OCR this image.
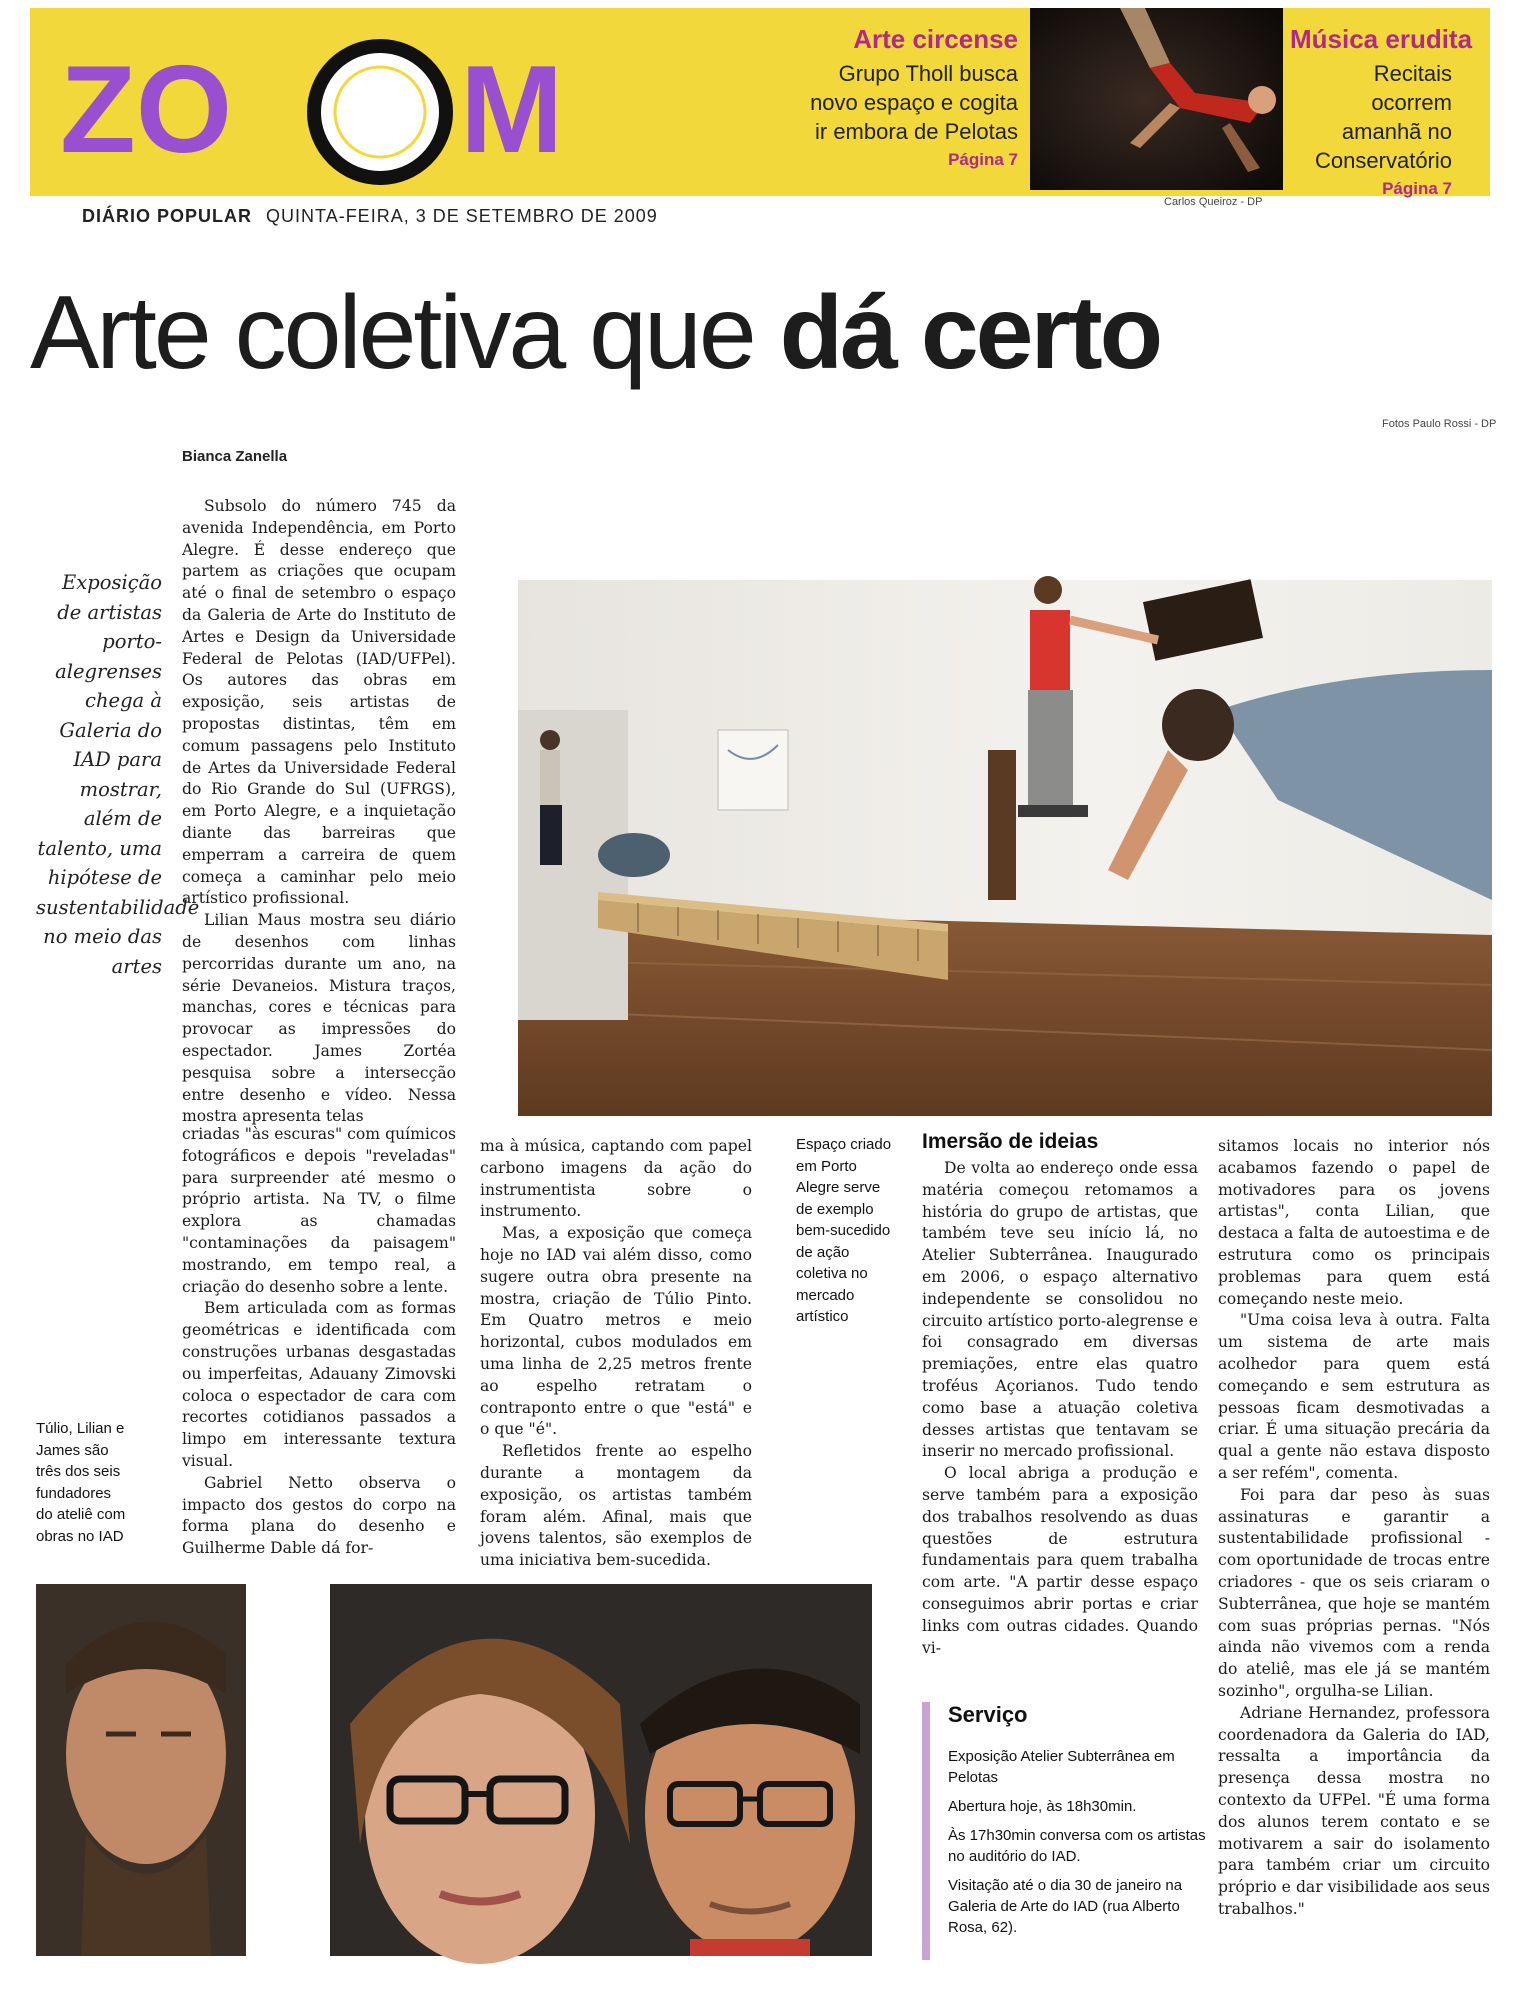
ZO M
Arte circense
Grupo Tholl busca
novo espaço e cogita
ir embora de Pelotas
Página 7
Carlos Queiroz - DP
Música erudita
Recitais ocorrem
amanhã no
Conservatório
Página 7
DIÁRIO POPULAR QUINTA-FEIRA, 3 DE SETEMBRO DE 2009
Arte coletiva que dá certo
Fotos Paulo Rossi - DP
Bianca Zanella
Exposição de artistas porto-alegrenses chega à Galeria do IAD para mostrar, além de talento, uma hipótese de sustentabilidade no meio das artes

Subsolo do número 745 da avenida Independência, em Porto Alegre. É desse endereço que partem as criações que ocupam até o final de setembro o espaço da Galeria de Arte do Instituto de Artes e Design da Universidade Federal de Pelotas (IAD/UFPel). Os autores das obras em exposição, seis artistas de propostas distintas, têm em comum passagens pelo Instituto de Artes da Universidade Federal do Rio Grande do Sul (UFRGS), em Porto Alegre, e a inquietação diante das barreiras que emperram a carreira de quem começa a caminhar pelo meio artístico profissional.

Lilian Maus mostra seu diário de desenhos com linhas percorridas durante um ano, na série Devaneios. Mistura traços, manchas, cores e técnicas para provocar as impressões do espectador. James Zortéa pesquisa sobre a intersecção entre desenho e vídeo. Nessa mostra apresenta telas

criadas "às escuras" com químicos fotográficos e depois "reveladas" para surpreender até mesmo o próprio artista. Na TV, o filme explora as chamadas "contaminações da paisagem" mostrando, em tempo real, a criação do desenho sobre a lente.

Bem articulada com as formas geométricas e identificada com construções urbanas desgastadas ou imperfeitas, Adauany Zimovski coloca o espectador de cara com recortes cotidianos passados a limpo em interessante textura visual.

Gabriel Netto observa o impacto dos gestos do corpo na forma plana do desenho e Guilherme Dable dá for-

ma à música, captando com papel carbono imagens da ação do instrumentista sobre o instrumento.

Mas, a exposição que começa hoje no IAD vai além disso, como sugere outra obra presente na mostra, criação de Túlio Pinto. Em Quatro metros e meio horizontal, cubos modulados em uma linha de 2,25 metros frente ao espelho retratam o contraponto entre o que "está" e o que "é".

Refletidos frente ao espelho durante a montagem da exposição, os artistas também foram além. Afinal, mais que jovens talentos, são exemplos de uma iniciativa bem-sucedida.

Espaço criado em Porto Alegre serve de exemplo bem-sucedido de ação coletiva no mercado artístico
Imersão de ideias

De volta ao endereço onde essa matéria começou retomamos a história do grupo de artistas, que também teve seu início lá, no Atelier Subterrânea. Inaugurado em 2006, o espaço alternativo independente se consolidou no circuito artístico porto-alegrense e foi consagrado em diversas premiações, entre elas quatro troféus Açorianos. Tudo tendo como base a atuação coletiva desses artistas que tentavam se inserir no mercado profissional.

O local abriga a produção e serve também para a exposição dos trabalhos resolvendo as duas questões de estrutura fundamentais para quem trabalha com arte. "A partir desse espaço conseguimos abrir portas e criar links com outras cidades. Quando vi-

sitamos locais no interior nós acabamos fazendo o papel de motivadores para os jovens artistas", conta Lilian, que destaca a falta de autoestima e de estrutura como os principais problemas para quem está começando neste meio.

"Uma coisa leva à outra. Falta um sistema de arte mais acolhedor para quem está começando e sem estrutura as pessoas ficam desmotivadas a criar. É uma situação precária da qual a gente não estava disposto a ser refém", comenta.

Foi para dar peso às suas assinaturas e garantir a sustentabilidade profissional - com oportunidade de trocas entre criadores - que os seis criaram o Subterrânea, que hoje se mantém com suas próprias pernas. "Nós ainda não vivemos com a renda do ateliê, mas ele já se mantém sozinho", orgulha-se Lilian.

Adriane Hernandez, professora coordenadora da Galeria do IAD, ressalta a importância da presença dessa mostra no contexto da UFPel. "É uma forma dos alunos terem contato e se motivarem a sair do isolamento para também criar um circuito próprio e dar visibilidade aos seus trabalhos."

Serviço

Exposição Atelier Subterrânea em Pelotas

Abertura hoje, às 18h30min.

Às 17h30min conversa com os artistas no auditório do IAD.

Visitação até o dia 30 de janeiro na Galeria de Arte do IAD (rua Alberto Rosa, 62).

Túlio, Lilian e James são três dos seis fundadores do ateliê com obras no IAD
